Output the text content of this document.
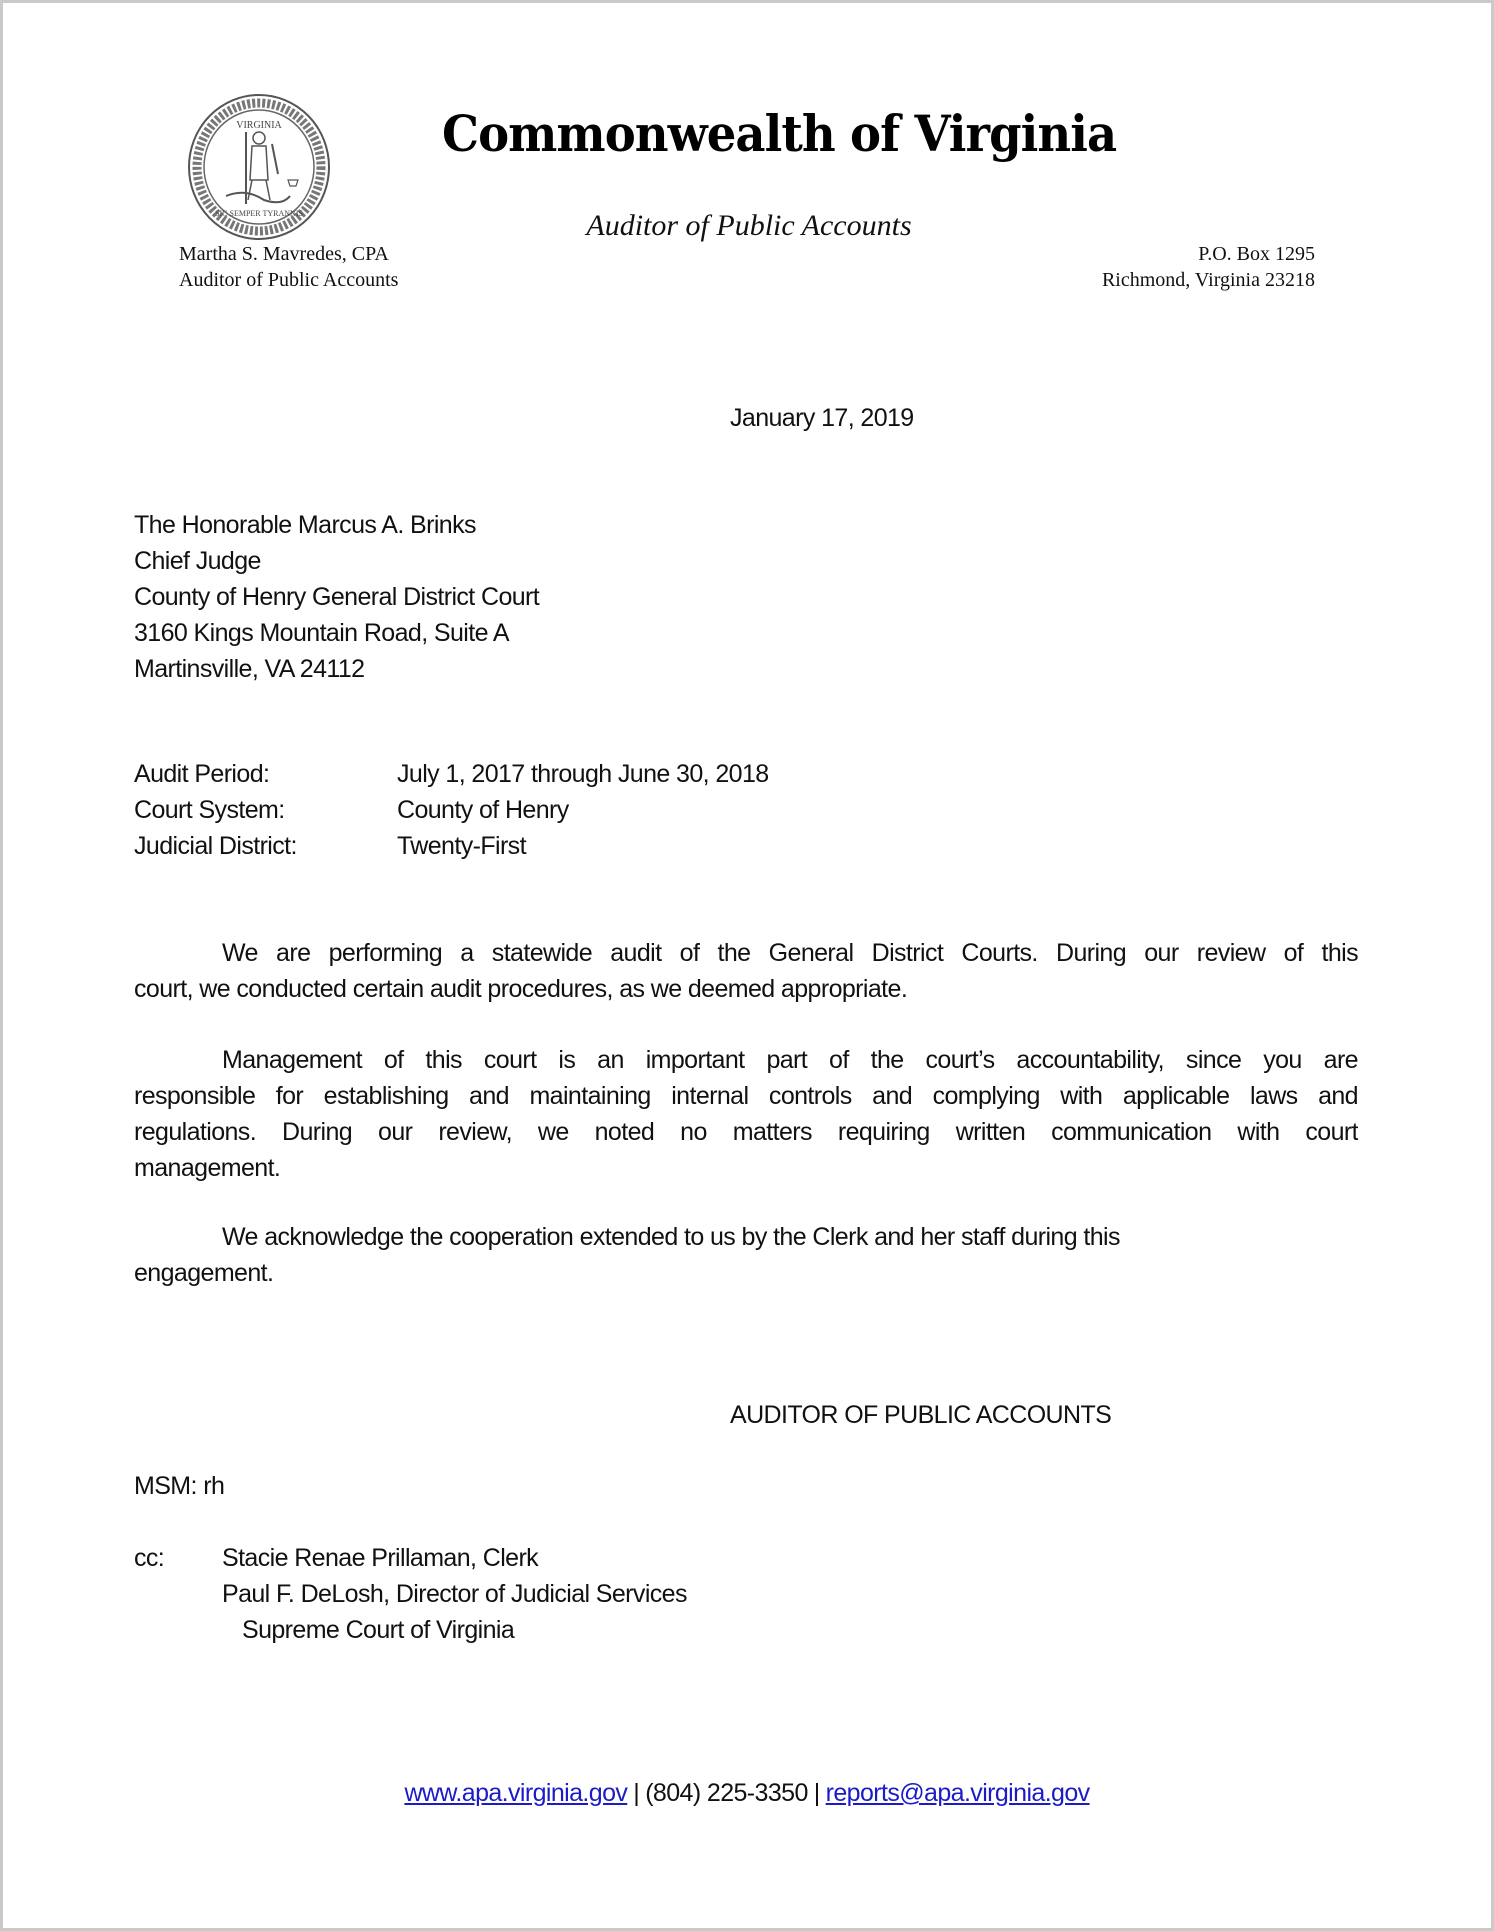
VIRGINIA
SIC SEMPER TYRANNIS
Commonwealth of Virginia
Auditor of Public Accounts
Martha S. Mavredes, CPA
Auditor of Public Accounts
P.O. Box 1295
Richmond, Virginia 23218
January 17, 2019
The Honorable Marcus A. Brinks
Chief Judge
County of Henry General District Court
3160 Kings Mountain Road, Suite A
Martinsville, VA 24112
Audit Period:	July 1, 2017 through June 30, 2018
Court System:	County of Henry
Judicial District:	Twenty-First
We are performing a statewide audit of the General District Courts. During our review of this
court, we conducted certain audit procedures, as we deemed appropriate.
Management of this court is an important part of the court’s accountability, since you are
responsible for establishing and maintaining internal controls and complying with applicable laws and
regulations. During our review, we noted no matters requiring written communication with court
management.
We acknowledge the cooperation extended to us by the Clerk and her staff during this
engagement.
AUDITOR OF PUBLIC ACCOUNTS
MSM: rh
cc: Stacie Renae Prillaman, Clerk
Paul F. DeLosh, Director of Judicial Services
Supreme Court of Virginia
www.apa.virginia.gov | (804) 225-3350 | reports@apa.virginia.gov
